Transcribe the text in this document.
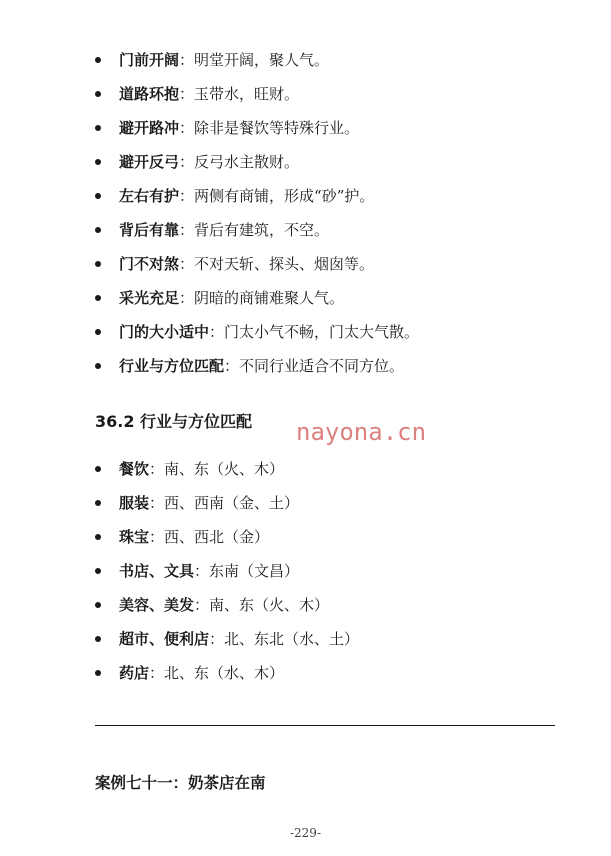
门前开阔：明堂开阔，聚人气。
道路环抱：玉带水，旺财。
避开路冲：除非是餐饮等特殊行业。
避开反弓：反弓水主散财。
左右有护：两侧有商铺，形成“砂”护。
背后有靠：背后有建筑，不空。
门不对煞：不对天斩、探头、烟囱等。
采光充足：阴暗的商铺难聚人气。
门的大小适中：门太小气不畅，门太大气散。
行业与方位匹配：不同行业适合不同方位。
36.2 行业与方位匹配 nayona.cn
餐饮：南、东（火、木）
服装：西、西南（金、土）
珠宝：西、西北（金）
书店、文具：东南（文昌）
美容、美发：南、东（火、木）
超市、便利店：北、东北（水、土）
药店：北、东（水、木）
案例七十一：奶茶店在南
-229-
